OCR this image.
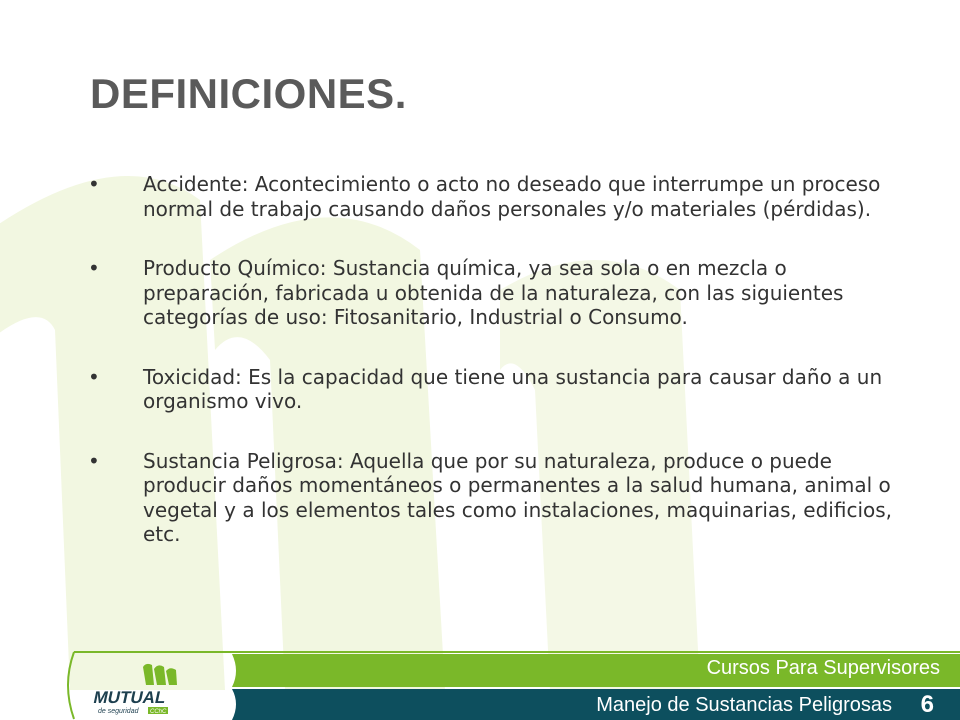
DEFINICIONES.
• Accidente: Acontecimiento o acto no deseado que interrumpe un proceso normal de trabajo causando daños personales y/o materiales (pérdidas).
• Producto Químico: Sustancia química, ya sea sola o en mezcla o preparación, fabricada u obtenida de la naturaleza, con las siguientes categorías de uso: Fitosanitario, Industrial o Consumo.
• Toxicidad: Es la capacidad que tiene una sustancia para causar daño a un organismo vivo.
• Sustancia Peligrosa: Aquella que por su naturaleza, produce o puede producir daños momentáneos o permanentes a la salud humana, animal o vegetal y a los elementos tales como instalaciones, maquinarias, edificios, etc.
MUTUAL
de seguridad CChC
Cursos Para Supervisores
Manejo de Sustancias Peligrosas 6
